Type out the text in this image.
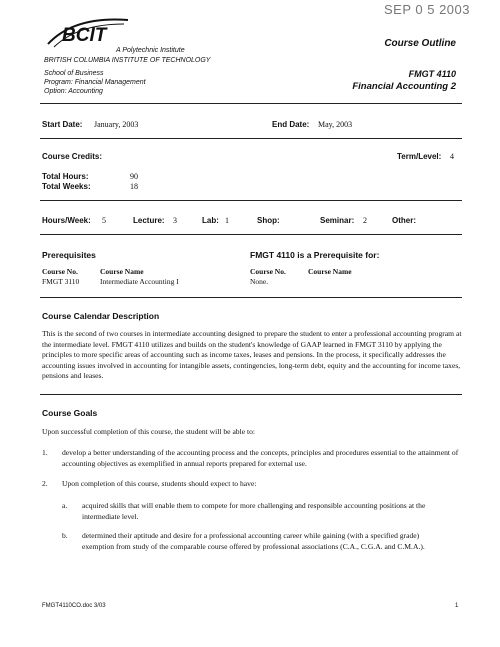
SEP 0 5 2003
BCIT
A Polytechnic Institute
BRITISH COLUMBIA INSTITUTE OF TECHNOLOGY
School of Business
Program: Financial Management
Option: Accounting
Course Outline
FMGT 4110
Financial Accounting 2
Start Date: January, 2003	End Date: May, 2003
Course Credits:	Term/Level: 4
Total Hours:	90
Total Weeks:	18
Hours/Week: 5	Lecture: 3	Lab: 1	Shop:	Seminar: 2	Other:
Prerequisites
Course No.	Course Name
FMGT 3110	Intermediate Accounting I
FMGT 4110 is a Prerequisite for:
Course No.	Course Name
None.
Course Calendar Description
This is the second of two courses in intermediate accounting designed to prepare the student to enter a professional accounting program at the intermediate level. FMGT 4110 utilizes and builds on the student's knowledge of GAAP learned in FMGT 3110 by applying the principles to more specific areas of accounting such as income taxes, leases and pensions. In the process, it specifically addresses the accounting issues involved in accounting for intangible assets, contingencies, long-term debt, equity and the accounting for income taxes, pensions and leases.
Course Goals
Upon successful completion of this course, the student will be able to:
1. develop a better understanding of the accounting process and the concepts, principles and procedures essential to the attainment of accounting objectives as exemplified in annual reports prepared for external use.
2. Upon completion of this course, students should expect to have:
a. acquired skills that will enable them to compete for more challenging and responsible accounting positions at the intermediate level.
b. determined their aptitude and desire for a professional accounting career while gaining (with a specified grade) exemption from study of the comparable course offered by professional associations (C.A., C.G.A. and C.M.A.).
FMGT4110CO.doc 3/03	1
